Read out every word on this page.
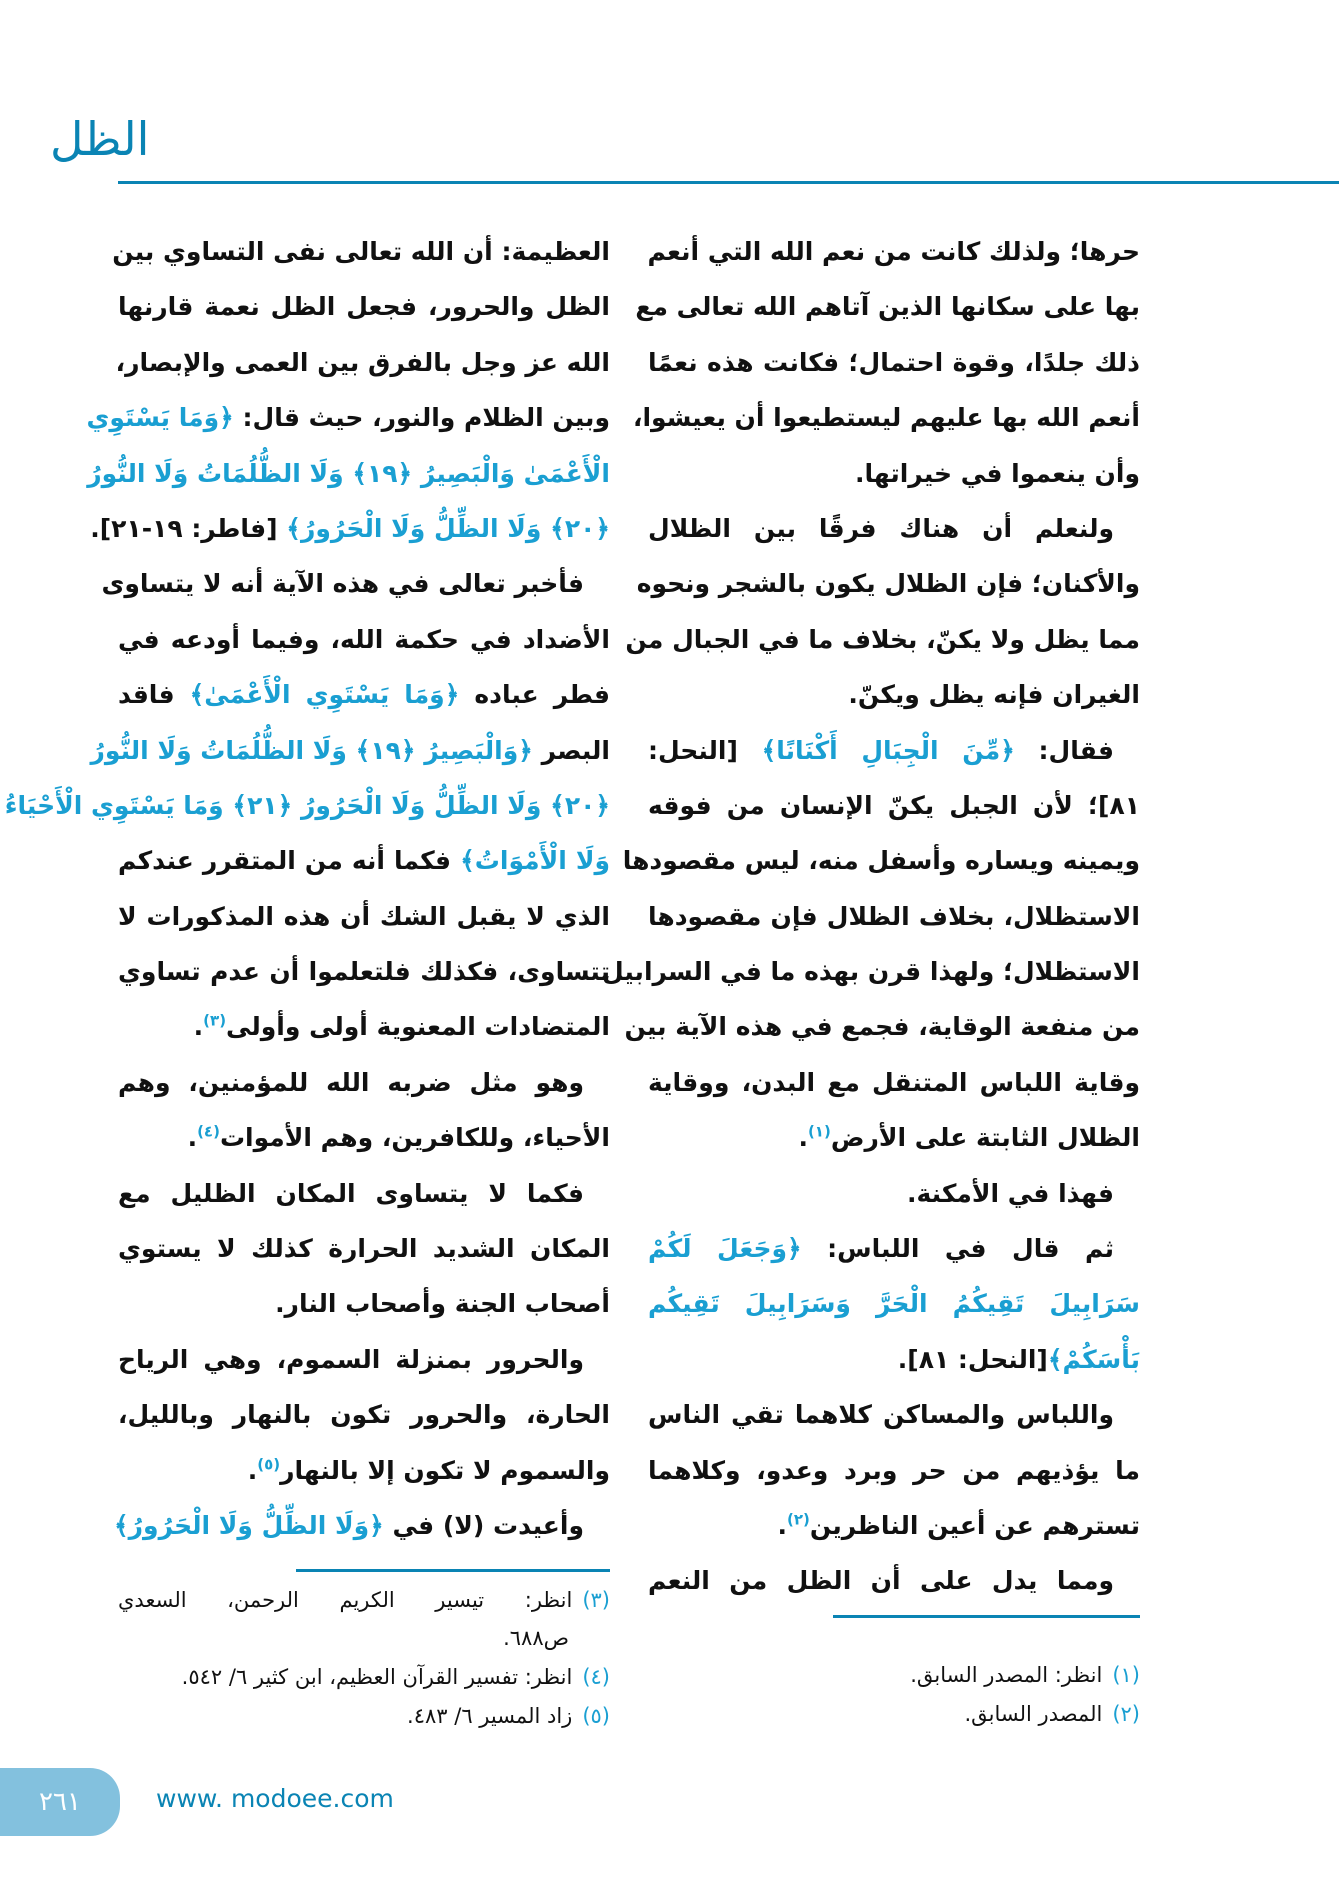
الظل
حرها؛ ولذلك كانت من نعم الله التي أنعم
بها على سكانها الذين آتاهم الله تعالى مع
ذلك جلدًا، وقوة احتمال؛ فكانت هذه نعمًا
أنعم الله بها عليهم ليستطيعوا أن يعيشوا،
وأن ينعموا في خيراتها.
ولنعلم أن هناك فرقًا بين الظلال
والأكنان؛ فإن الظلال يكون بالشجر ونحوه
مما يظل ولا يكنّ، بخلاف ما في الجبال من
الغيران فإنه يظل ويكنّ.
فقال: ﴿مِّنَ الْجِبَالِ أَكْنَانًا﴾ [النحل:
٨١]؛ لأن الجبل يكنّ الإنسان من فوقه
ويمينه ويساره وأسفل منه، ليس مقصودها
الاستظلال، بخلاف الظلال فإن مقصودها
الاستظلال؛ ولهذا قرن بهذه ما في السرابيل
من منفعة الوقاية، فجمع في هذه الآية بين
وقاية اللباس المتنقل مع البدن، ووقاية
الظلال الثابتة على الأرض$^{(١)}$.
فهذا في الأمكنة.
ثم قال في اللباس: ﴿وَجَعَلَ لَكُمْ
سَرَابِيلَ تَقِيكُمُ الْحَرَّ وَسَرَابِيلَ تَقِيكُم
بَأْسَكُمْ﴾[النحل: ٨١].
واللباس والمساكن كلاهما تقي الناس
ما يؤذيهم من حر وبرد وعدو، وكلاهما
تسترهم عن أعين الناظرين$^{(٢)}$.
ومما يدل على أن الظل من النعم
العظيمة: أن الله تعالى نفى التساوي بين
الظل والحرور، فجعل الظل نعمة قارنها
الله عز وجل بالفرق بين العمى والإبصار،
وبين الظلام والنور، حيث قال: ﴿وَمَا يَسْتَوِي
الْأَعْمَىٰ وَالْبَصِيرُ ﴿١٩﴾ وَلَا الظُّلُمَاتُ وَلَا النُّورُ
﴿٢٠﴾ وَلَا الظِّلُّ وَلَا الْحَرُورُ﴾ [فاطر: ١٩-٢١].
فأخبر تعالى في هذه الآية أنه لا يتساوى
الأضداد في حكمة الله، وفيما أودعه في
فطر عباده ﴿وَمَا يَسْتَوِي الْأَعْمَىٰ﴾ فاقد
البصر ﴿وَالْبَصِيرُ ﴿١٩﴾ وَلَا الظُّلُمَاتُ وَلَا النُّورُ
﴿٢٠﴾ وَلَا الظِّلُّ وَلَا الْحَرُورُ ﴿٢١﴾ وَمَا يَسْتَوِي الْأَحْيَاءُ
وَلَا الْأَمْوَاتُ﴾ فكما أنه من المتقرر عندكم
الذي لا يقبل الشك أن هذه المذكورات لا
تتساوى، فكذلك فلتعلموا أن عدم تساوي
المتضادات المعنوية أولى وأولى$^{(٣)}$.
وهو مثل ضربه الله للمؤمنين، وهم
الأحياء، وللكافرين، وهم الأموات$^{(٤)}$.
فكما لا يتساوى المكان الظليل مع
المكان الشديد الحرارة كذلك لا يستوي
أصحاب الجنة وأصحاب النار.
والحرور بمنزلة السموم، وهي الرياح
الحارة، والحرور تكون بالنهار وبالليل،
والسموم لا تكون إلا بالنهار$^{(٥)}$.
وأعيدت (لا) في ﴿وَلَا الظِّلُّ وَلَا الْحَرُورُ﴾
(١)انظر: المصدر السابق.
(٢)المصدر السابق.
(٣)انظر: تيسير الكريم الرحمن، السعدي
ص٦٨٨.
(٤)انظر: تفسير القرآن العظيم، ابن كثير ٦/ ٥٤٢.
(٥)زاد المسير ٦/ ٤٨٣.
٢٦١	www. modoee.com
